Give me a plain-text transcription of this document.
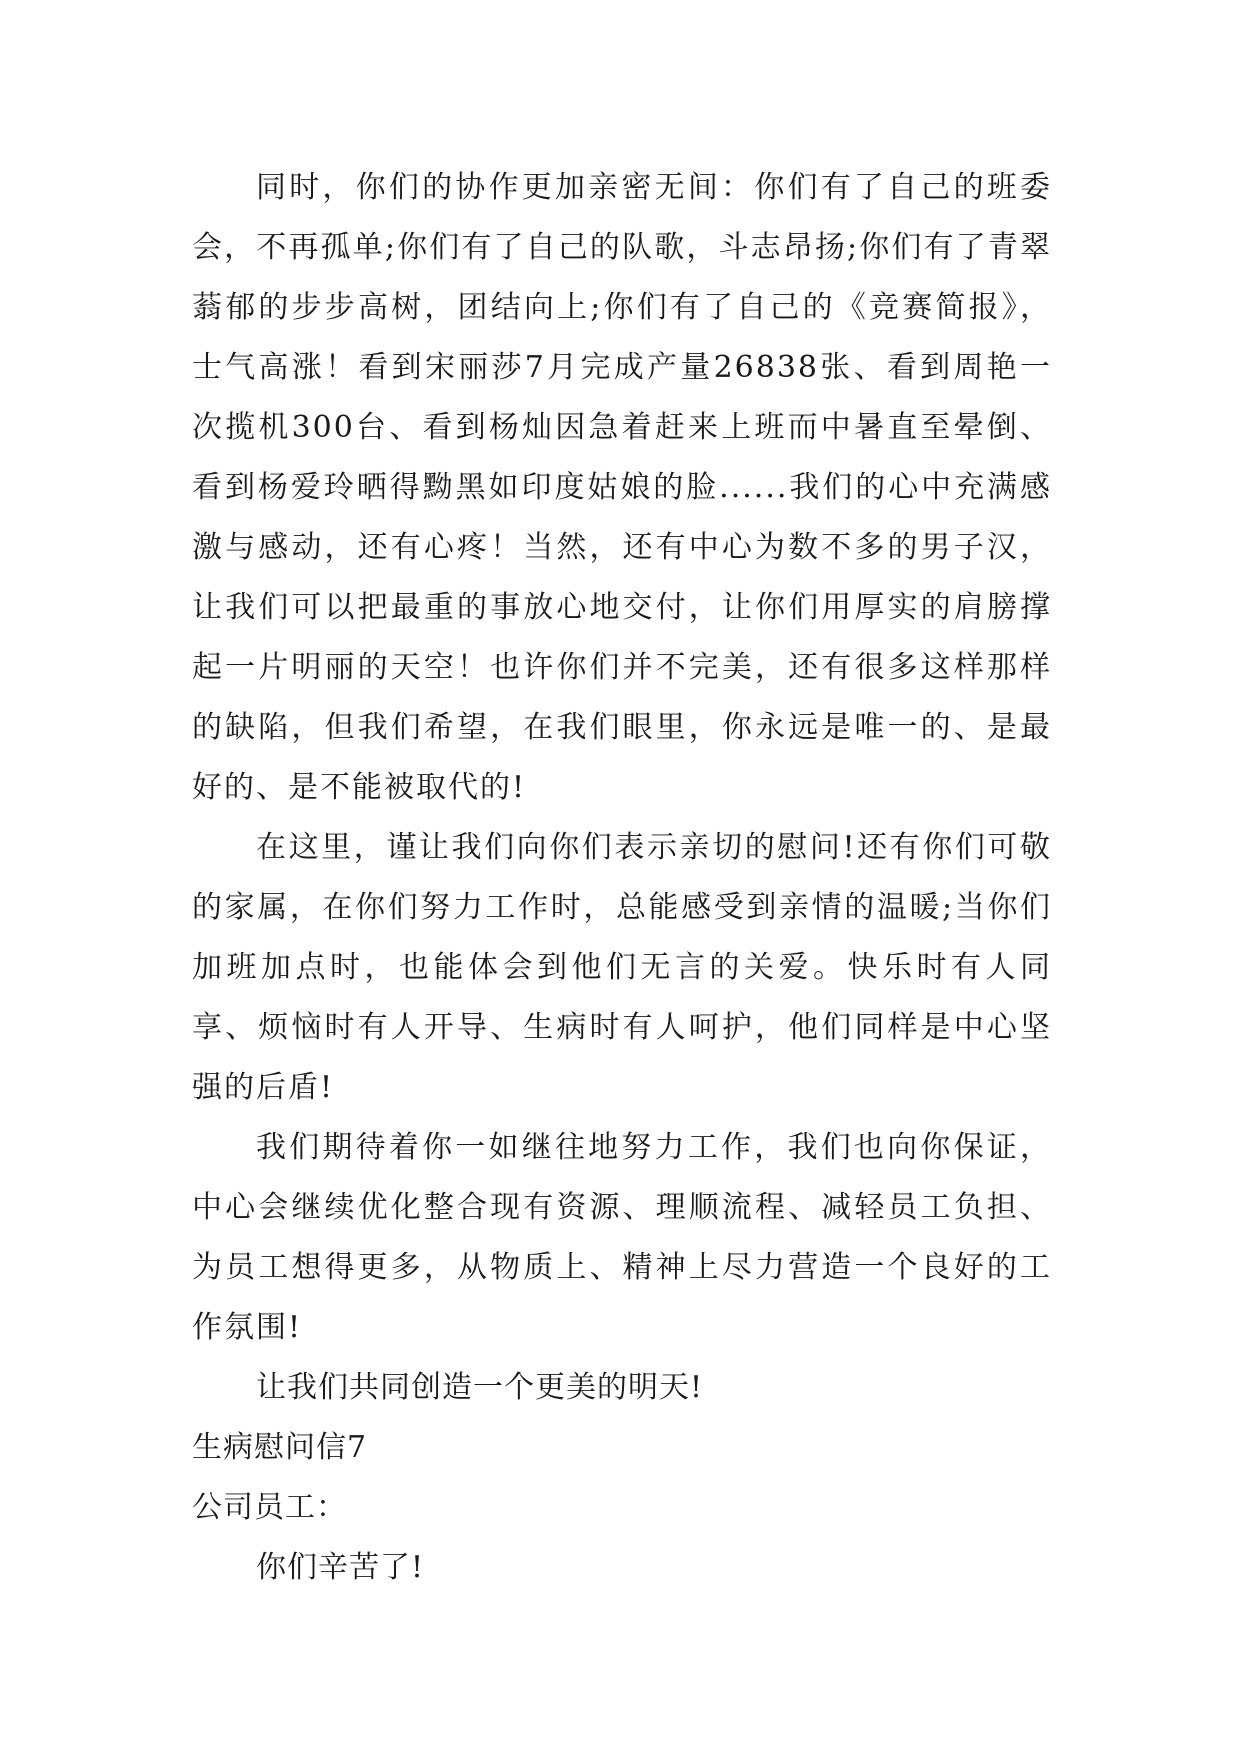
同时，你们的协作更加亲密无间：你们有了自己的班委会，不再孤单;你们有了自己的队歌，斗志昂扬;你们有了青翠蓊郁的步步高树，团结向上;你们有了自己的《竞赛简报》，士气高涨！看到宋丽莎7月完成产量26838张、看到周艳一次揽机300台、看到杨灿因急着赶来上班而中暑直至晕倒、看到杨爱玲晒得黝黑如印度姑娘的脸......我们的心中充满感激与感动，还有心疼！当然，还有中心为数不多的男子汉，让我们可以把最重的事放心地交付，让你们用厚实的肩膀撑起一片明丽的天空！也许你们并不完美，还有很多这样那样的缺陷，但我们希望，在我们眼里，你永远是唯一的、是最好的、是不能被取代的!

在这里，谨让我们向你们表示亲切的慰问!还有你们可敬的家属，在你们努力工作时，总能感受到亲情的温暖;当你们加班加点时，也能体会到他们无言的关爱。快乐时有人同享、烦恼时有人开导、生病时有人呵护，他们同样是中心坚强的后盾!

我们期待着你一如继往地努力工作，我们也向你保证，中心会继续优化整合现有资源、理顺流程、减轻员工负担、为员工想得更多，从物质上、精神上尽力营造一个良好的工作氛围!

让我们共同创造一个更美的明天!

生病慰问信7

公司员工：

你们辛苦了!
